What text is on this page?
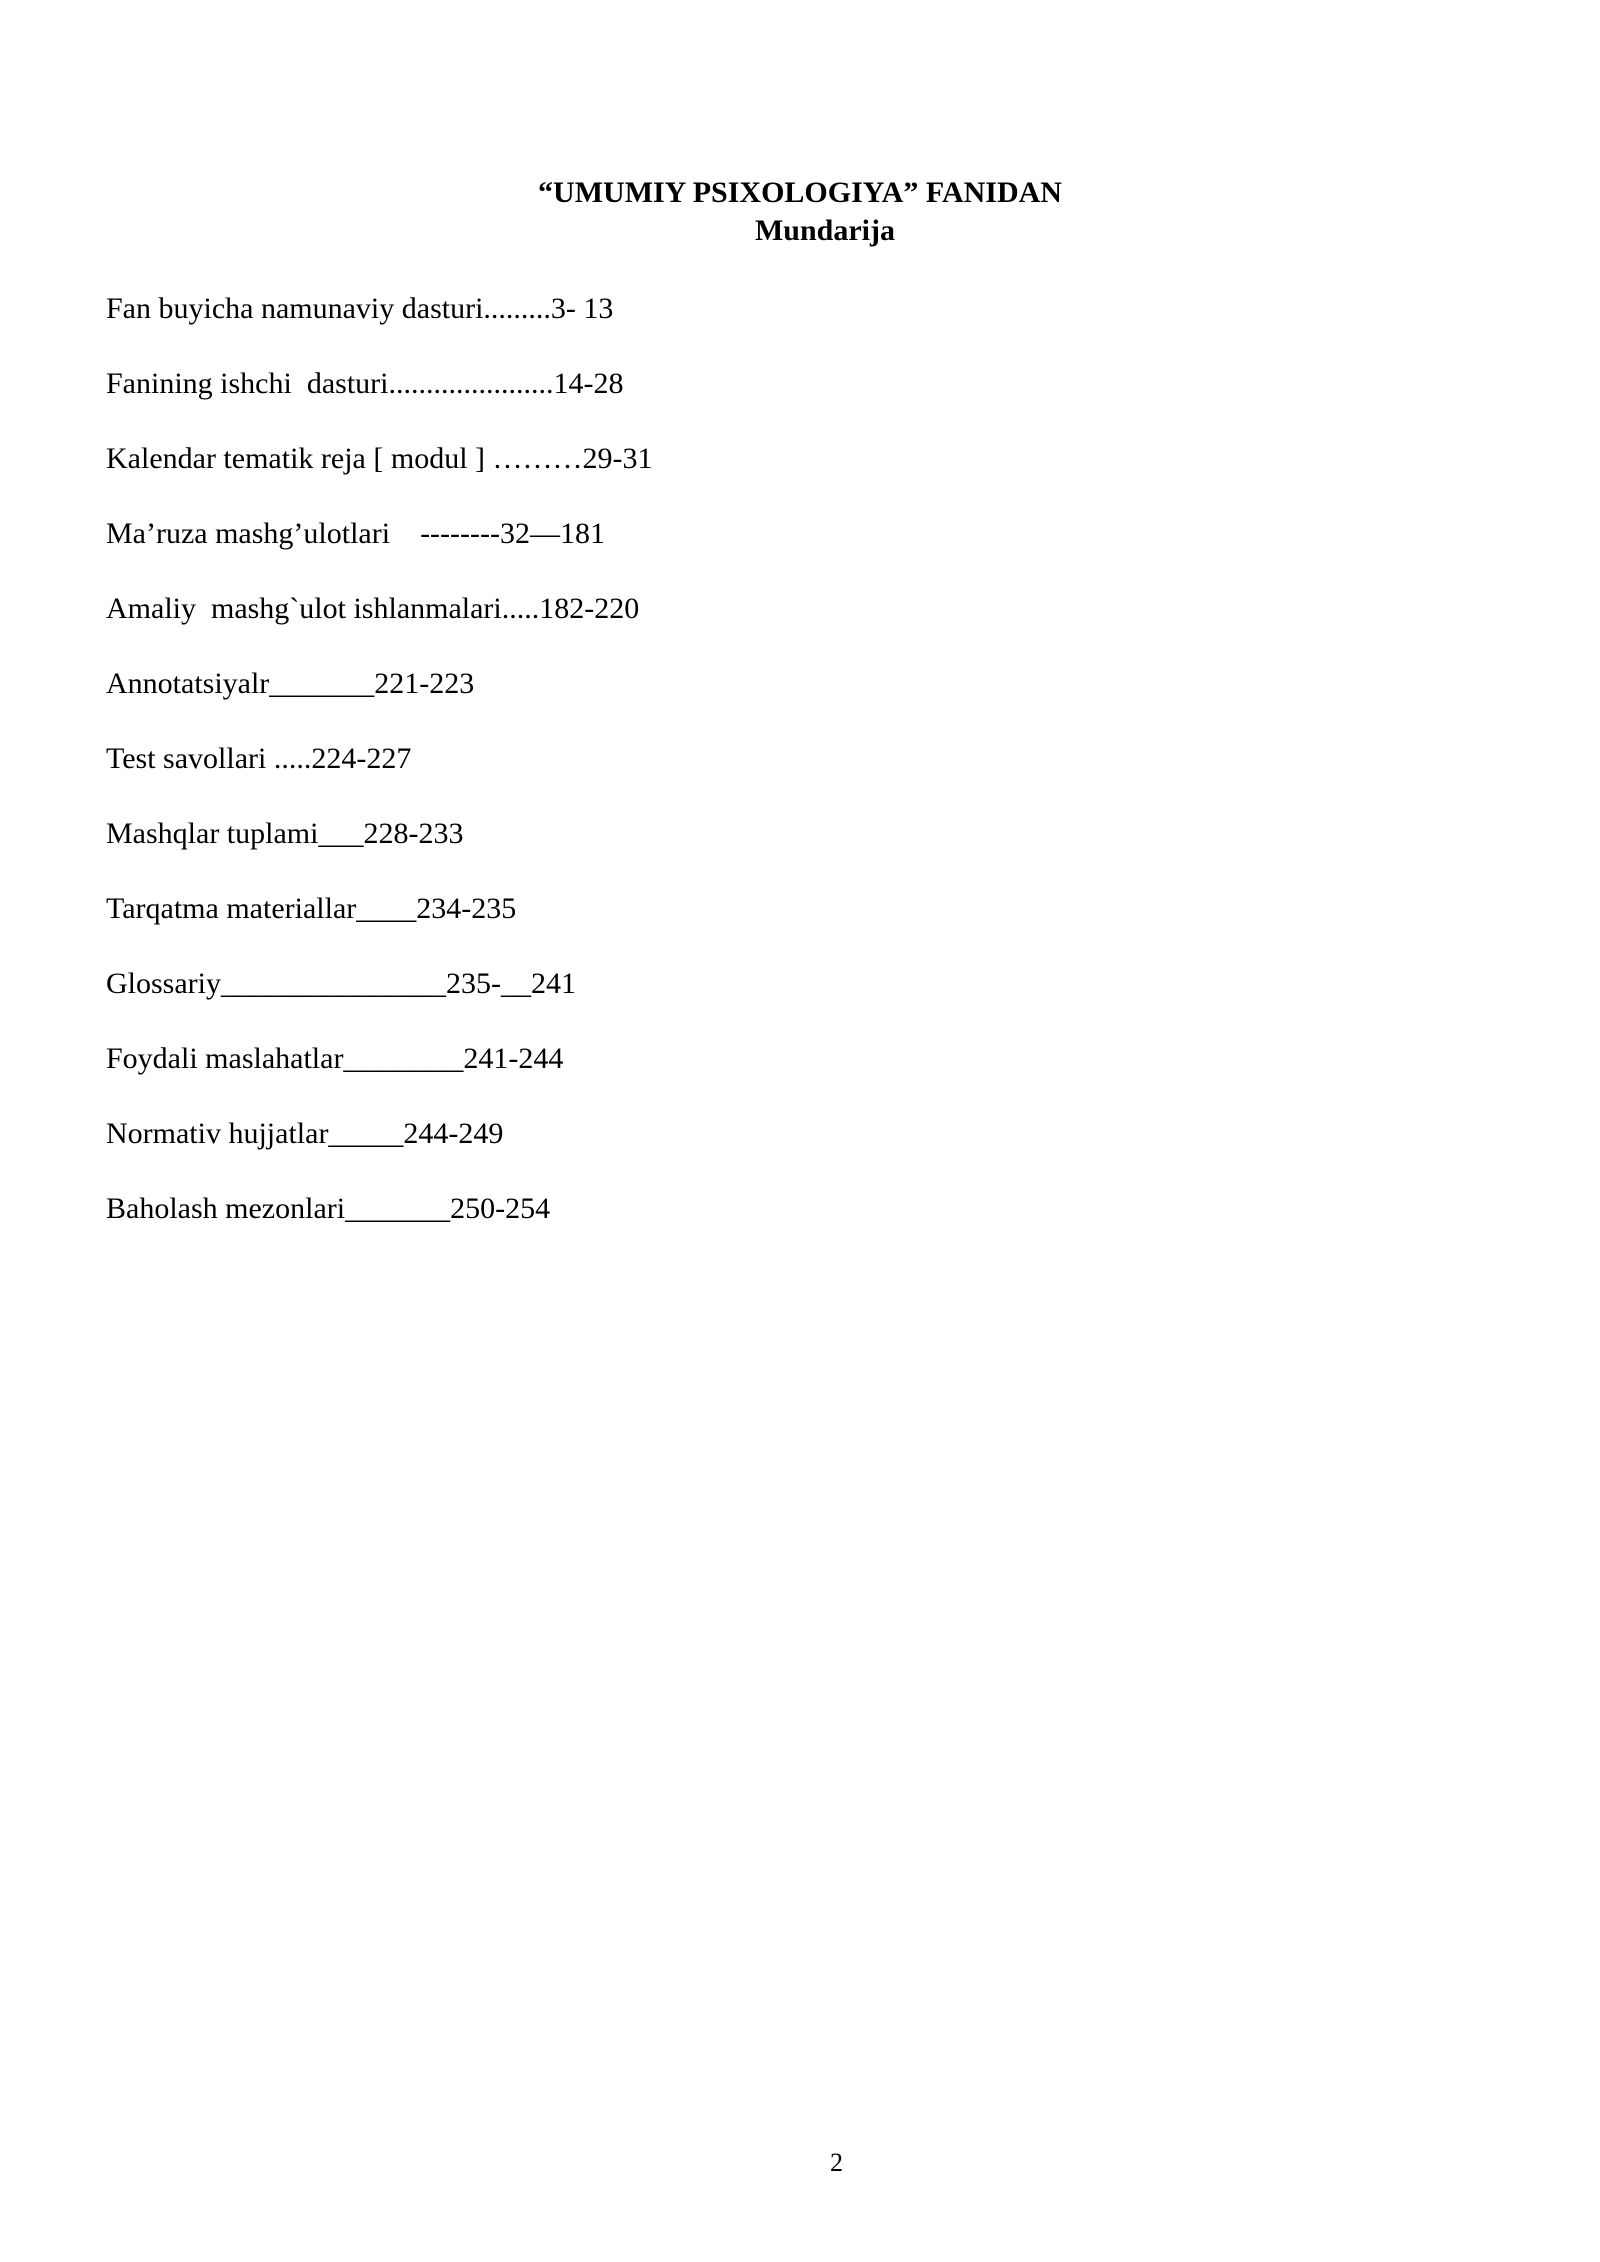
“UMUMIY PSIXOLOGIYA” FANIDAN
Mundarija
Fan buyicha namunaviy dasturi.........3- 13
Fanining ishchi  dasturi......................14-28
Kalendar tematik reja [ modul ] ………29-31
Ma’ruza mashg’ulotlari    --------32—181
Amaliy  mashg`ulot ishlanmalari.....182-220
Annotatsiyalr_______221-223
Test savollari .....224-227
Mashqlar tuplami___228-233
Tarqatma materiallar____234-235
Glossariy_______________235-__241
Foydali maslahatlar________241-244
Normativ hujjatlar_____244-249
Baholash mezonlari_______250-254
2
